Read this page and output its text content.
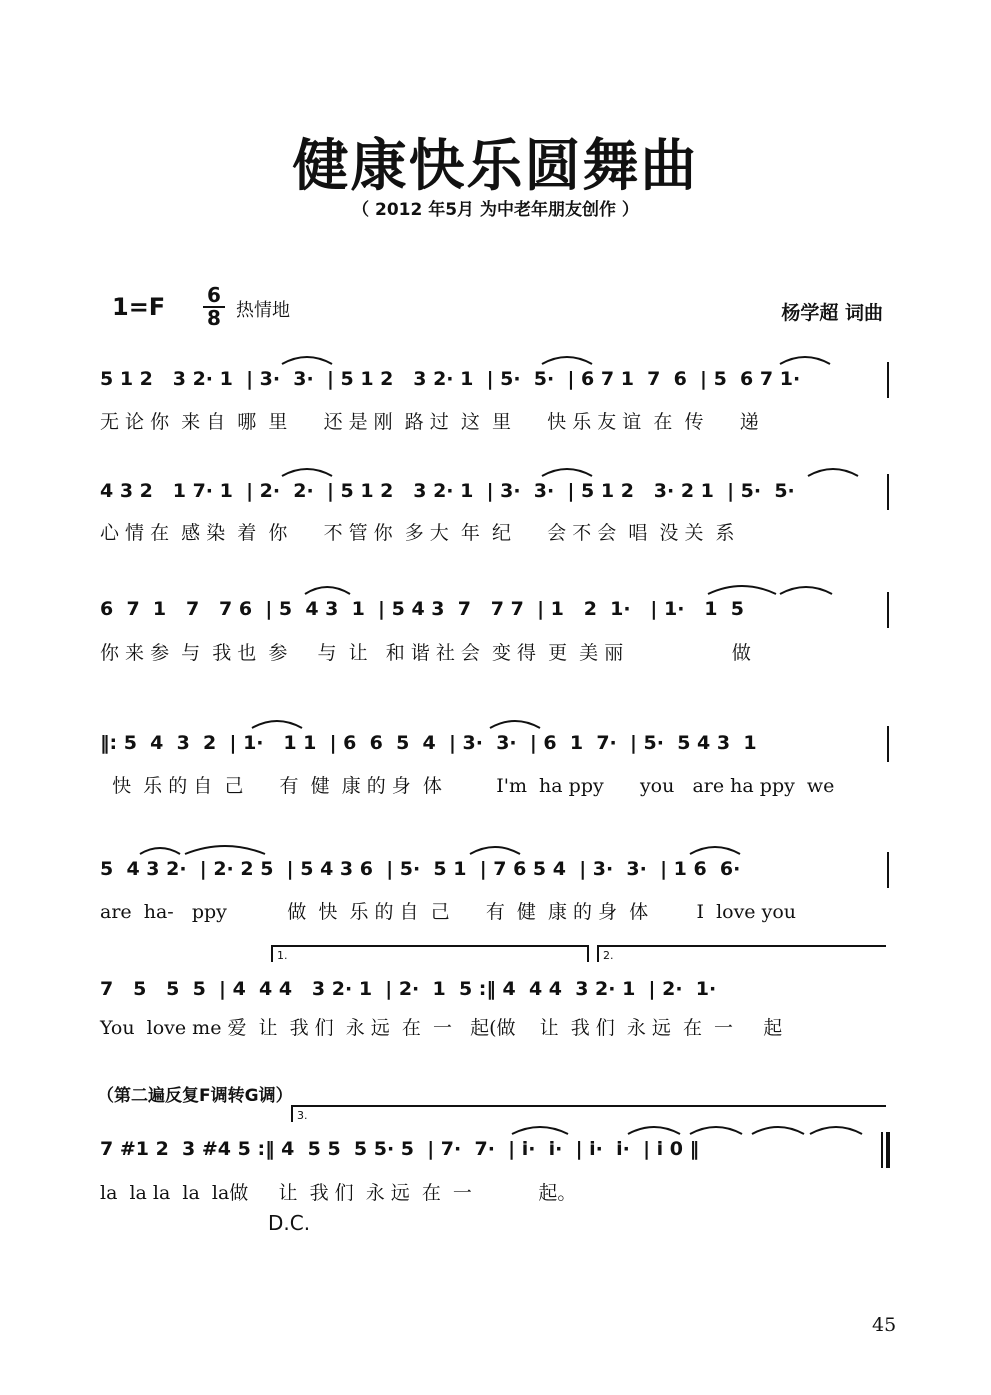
健康快乐圆舞曲
（ 2012 年5月 为中老年朋友创作 ）
1=F 6
8 热情地	杨学超 词曲
5 1 2   3 2· 1  | 3·  3·  | 5 1 2   3 2· 1  | 5·  5·  | 6 7 1  7  6  | 5  6 7 1·
无 论 你  来 自  哪  里      还 是 刚  路 过  这  里      快 乐 友 谊  在  传      递
4 3 2   1 7· 1  | 2·  2·  | 5 1 2   3 2· 1  | 3·  3·  | 5 1 2   3· 2 1  | 5·  5·
心 情 在  感 染  着  你      不 管 你  多 大  年  纪      会 不 会  唱  没 关  系
6  7  1   7   7 6  | 5  4 3  1  | 5 4 3  7   7 7  | 1   2  1·   | 1·   1  5
你 来 参  与  我 也  参     与  让   和 谐 社 会  变 得  更  美 丽                  做
‖: 5  4  3  2  | 1·   1 1  | 6  6  5  4  | 3·  3·  | 6  1  7·  | 5·  5 4 3  1
快  乐 的 自  己      有  健  康 的 身  体         I'm  ha ppy      you   are ha ppy  we
5  4 3 2·  | 2· 2 5  | 5 4 3 6  | 5·  5 1  | 7 6 5 4  | 3·  3·  | 1 6  6·
are  ha-   ppy          做  快  乐 的 自  己      有  健  康 的 身  体        I  love you
7   5   5  5  | 4  4 4   3 2· 1  | 2·  1  5 :‖ 4  4 4  3 2· 1  | 2·  1·
You  love me 爱  让  我 们  永 远  在  一   起(做    让  我 们  永 远  在  一     起
（第二遍反复F调转G调）
7 #1 2  3 #4 5 :‖ 4  5 5  5 5· 5  | 7·  7·  | i·  i·  | i·  i·  | i 0 ‖
la  la la  la  la做     让  我 们  永 远  在  一           起。
D.C.
45
1.	2.
3.
